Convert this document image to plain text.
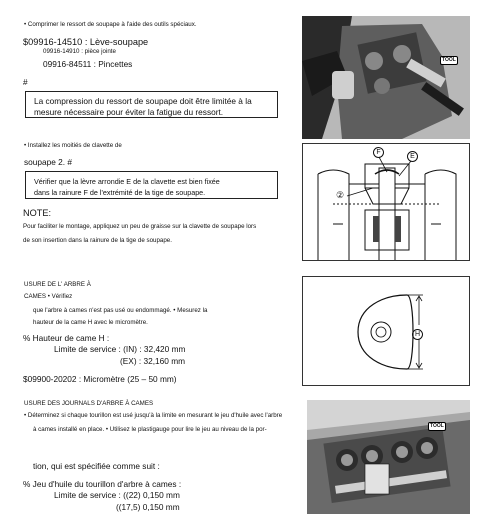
• Comprimer le ressort de soupape à l'aide des outils spéciaux.
$09916-14510 : Lève-soupape
09916-14910 : pièce jointe
09916-84511 : Pincettes
#
La compression du ressort de soupape doit être limitée à la
mesure nécessaire pour éviter la fatigue du ressort.
TOOL
• Installez les moitiés de clavette de
soupape 2. #
Vérifier que la lèvre arrondie E de la clavette est bien fixée
dans la rainure F de l'extrémité de la tige de soupape.
NOTE:
Pour faciliter le montage, appliquez un peu de graisse sur la clavette de soupape lors
de son insertion dans la rainure de la tige de soupape.
F
E
②
USURE DE L' ARBRE À
CAMES • Vérifiez
que l'arbre à cames n'est pas usé ou endommagé. • Mesurez la
hauteur de la came H avec le micromètre.
% Hauteur de came H :
Limite de service : (IN) : 32,420 mm
(EX) : 32,160 mm
$09900-20202 : Micromètre (25 – 50 mm)
H
USURE DES JOURNALS D'ARBRE À CAMES
• Déterminez si chaque tourillon est usé jusqu'à la limite en mesurant le jeu d'huile avec l'arbre
à cames installé en place. • Utilisez le plastigauge pour lire le jeu au niveau de la por-
tion, qui est spécifiée comme suit :
% Jeu d'huile du tourillon d'arbre à cames :
Limite de service : ((22) 0,150 mm
((17,5) 0,150 mm
TOOL
